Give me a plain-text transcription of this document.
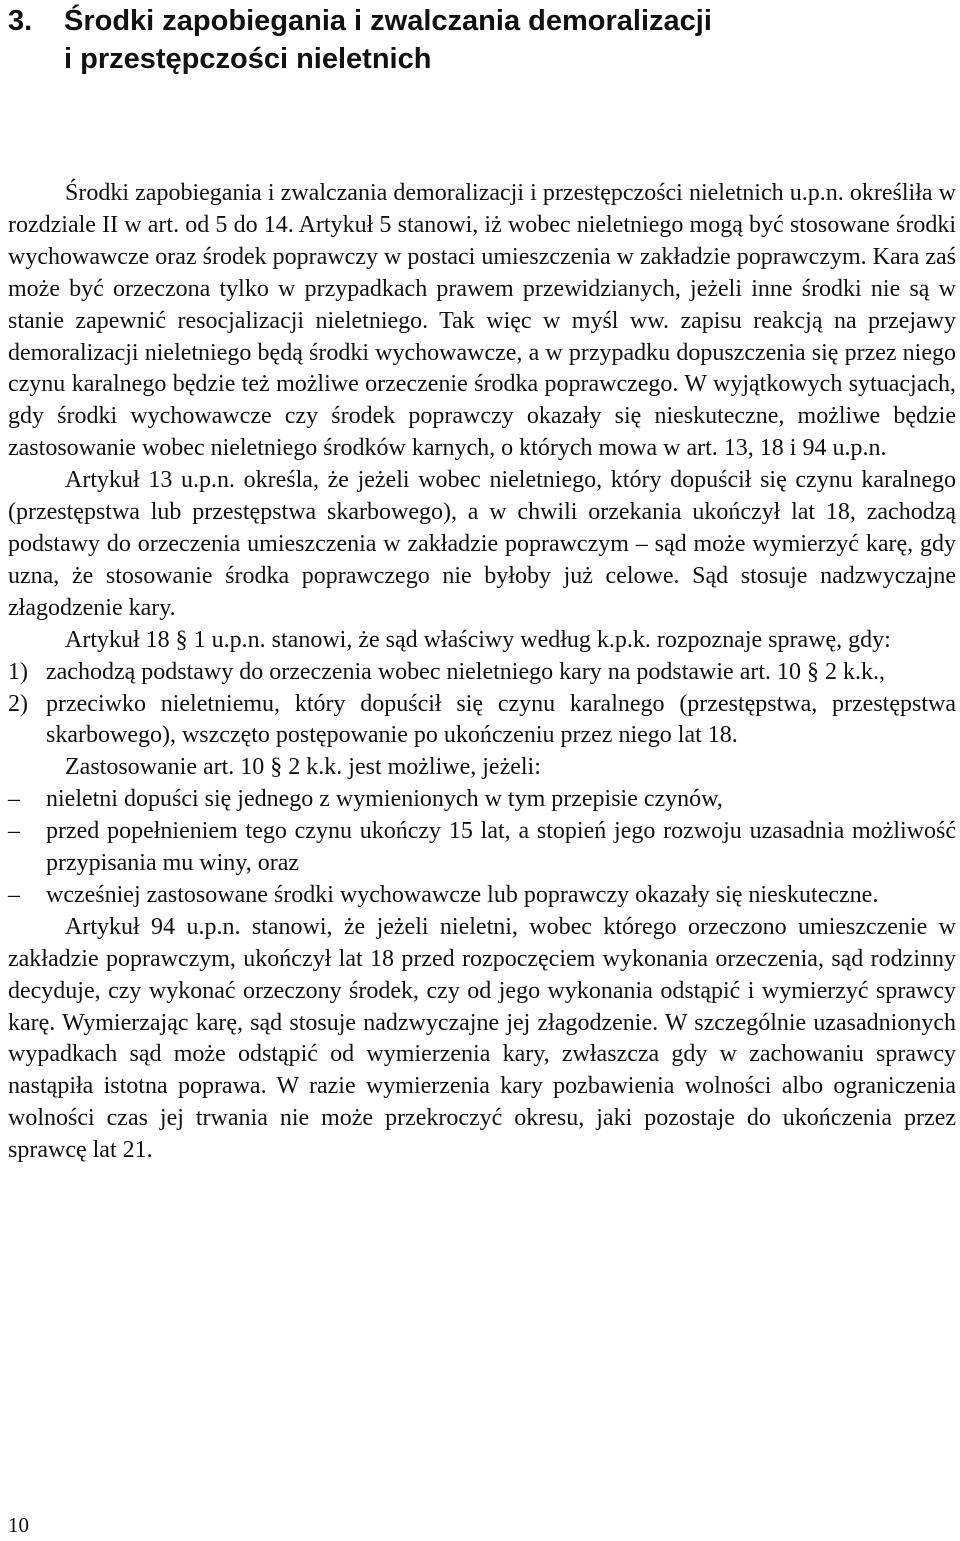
3. Środki zapobiegania i zwalczania demoralizacji
i przestępczości nieletnich

Środki zapobiegania i zwalczania demoralizacji i przestępczości nieletnich u.p.n. określiła w rozdziale II w art. od 5 do 14. Artykuł 5 stanowi, iż wobec nieletniego mogą być stosowane środki wychowawcze oraz środek poprawczy w postaci umieszczenia w zakładzie poprawczym. Kara zaś może być orzeczona tylko w przypadkach prawem przewidzianych, jeżeli inne środki nie są w stanie zapewnić resocjalizacji nieletniego. Tak więc w myśl ww. zapisu reakcją na przejawy demoralizacji nieletniego będą środki wychowawcze, a w przypadku dopuszczenia się przez niego czynu karalnego będzie też możliwe orzeczenie środka poprawczego. W wyjątkowych sytuacjach, gdy środki wychowawcze czy środek poprawczy okazały się nieskuteczne, możliwe będzie zastosowanie wobec nieletniego środków karnych, o których mowa w art. 13, 18 i 94 u.p.n.

Artykuł 13 u.p.n. określa, że jeżeli wobec nieletniego, który dopuścił się czynu karalnego (przestępstwa lub przestępstwa skarbowego), a w chwili orzekania ukończył lat 18, zachodzą podstawy do orzeczenia umieszczenia w zakładzie poprawczym – sąd może wymierzyć karę, gdy uzna, że stosowanie środka poprawczego nie byłoby już celowe. Sąd stosuje nadzwyczajne złagodzenie kary.

Artykuł 18 § 1 u.p.n. stanowi, że sąd właściwy według k.p.k. rozpoznaje sprawę, gdy:

1) zachodzą podstawy do orzeczenia wobec nieletniego kary na podstawie art. 10 § 2 k.k.,
2) przeciwko nieletniemu, który dopuścił się czynu karalnego (przestępstwa, przestępstwa skarbowego), wszczęto postępowanie po ukończeniu przez niego lat 18.

Zastosowanie art. 10 § 2 k.k. jest możliwe, jeżeli:

–	nieletni dopuści się jednego z wymienionych w tym przepisie czynów,
–	przed popełnieniem tego czynu ukończy 15 lat, a stopień jego rozwoju uzasadnia możliwość przypisania mu winy, oraz
–	wcześniej zastosowane środki wychowawcze lub poprawczy okazały się nieskuteczne.

Artykuł 94 u.p.n. stanowi, że jeżeli nieletni, wobec którego orzeczono umieszczenie w zakładzie poprawczym, ukończył lat 18 przed rozpoczęciem wykonania orzeczenia, sąd rodzinny decyduje, czy wykonać orzeczony środek, czy od jego wykonania odstąpić i wymierzyć sprawcy karę. Wymierzając karę, sąd stosuje nadzwyczajne jej złagodzenie. W szczególnie uzasadnionych wypadkach sąd może odstąpić od wymierzenia kary, zwłaszcza gdy w zachowaniu sprawcy nastąpiła istotna poprawa. W razie wymierzenia kary pozbawienia wolności albo ograniczenia wolności czas jej trwania nie może przekroczyć okresu, jaki pozostaje do ukończenia przez sprawcę lat 21.

10
